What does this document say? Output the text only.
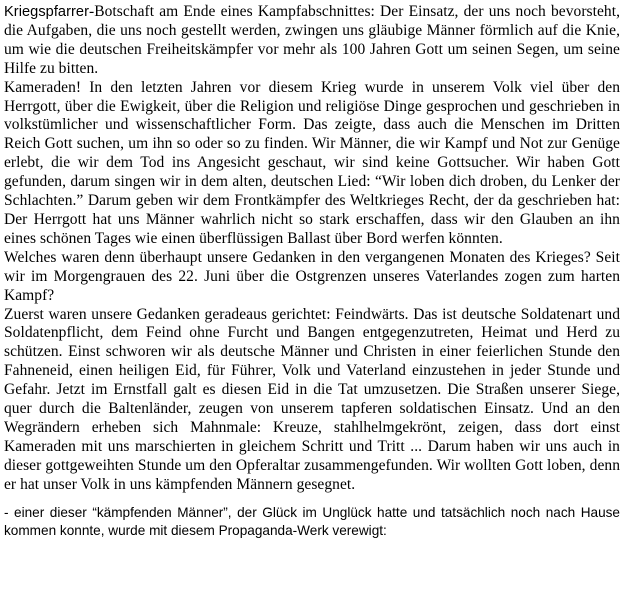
Kriegspfarrer-Botschaft am Ende eines Kampfabschnittes: Der Einsatz, der uns noch bevorsteht, die Aufgaben, die uns noch gestellt werden, zwingen uns gläubige Männer förmlich auf die Knie, um wie die deutschen Freiheitskämpfer vor mehr als 100 Jahren Gott um seinen Segen, um seine Hilfe zu bitten.

Kameraden! In den letzten Jahren vor diesem Krieg wurde in unserem Volk viel über den Herrgott, über die Ewigkeit, über die Religion und religiöse Dinge gesprochen und geschrieben in volkstümlicher und wissenschaftlicher Form. Das zeigte, dass auch die Menschen im Dritten Reich Gott suchen, um ihn so oder so zu finden. Wir Männer, die wir Kampf und Not zur Genüge erlebt, die wir dem Tod ins Angesicht geschaut, wir sind keine Gottsucher. Wir haben Gott gefunden, darum singen wir in dem alten, deutschen Lied: “Wir loben dich droben, du Lenker der Schlachten.” Darum geben wir dem Frontkämpfer des Weltkrieges Recht, der da geschrieben hat: Der Herrgott hat uns Männer wahrlich nicht so stark erschaffen, dass wir den Glauben an ihn eines schönen Tages wie einen überflüssigen Ballast über Bord werfen könnten.

Welches waren denn überhaupt unsere Gedanken in den vergangenen Monaten des Krieges? Seit wir im Morgengrauen des 22. Juni über die Ostgrenzen unseres Vaterlandes zogen zum harten Kampf?

Zuerst waren unsere Gedanken geradeaus gerichtet: Feindwärts. Das ist deutsche Soldatenart und Soldatenpflicht, dem Feind ohne Furcht und Bangen entgegenzutreten, Heimat und Herd zu schützen. Einst schworen wir als deutsche Männer und Christen in einer feierlichen Stunde den Fahneneid, einen heiligen Eid, für Führer, Volk und Vaterland einzustehen in jeder Stunde und Gefahr. Jetzt im Ernstfall galt es diesen Eid in die Tat umzusetzen. Die Straßen unserer Siege, quer durch die Baltenländer, zeugen von unserem tapferen soldatischen Einsatz. Und an den Wegrändern erheben sich Mahnmale: Kreuze, stahlhelmgekrönt, zeigen, dass dort einst Kameraden mit uns marschierten in gleichem Schritt und Tritt ... Darum haben wir uns auch in dieser gottgeweihten Stunde um den Opferaltar zusammengefunden. Wir wollten Gott loben, denn er hat unser Volk in uns kämpfenden Männern gesegnet.

- einer dieser “kämpfenden Männer”, der Glück im Unglück hatte und tatsächlich noch nach Hause kommen konnte, wurde mit diesem Propaganda-Werk verewigt:
